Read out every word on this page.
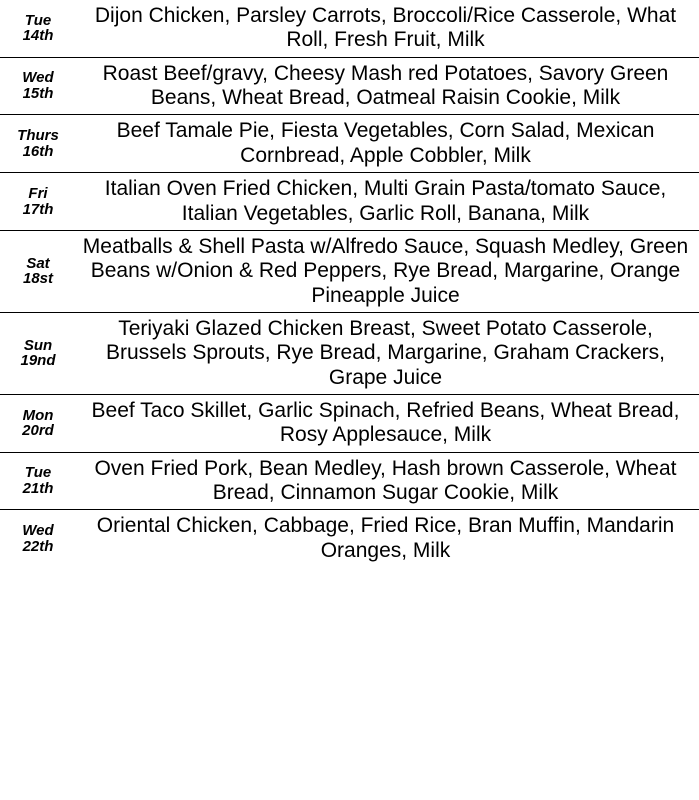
Tue
14th	Dijon Chicken, Parsley Carrots, Broccoli/Rice Casserole, What Roll, Fresh Fruit, Milk

Wed
15th	Roast Beef/gravy, Cheesy Mash red Potatoes, Savory Green Beans, Wheat Bread, Oatmeal Raisin Cookie, Milk

Thurs
16th	Beef Tamale Pie, Fiesta Vegetables, Corn Salad, Mexican Cornbread, Apple Cobbler, Milk

Fri
17th	Italian Oven Fried Chicken, Multi Grain Pasta/tomato Sauce, Italian Vegetables, Garlic Roll, Banana, Milk

Sat
18st	Meatballs & Shell Pasta w/Alfredo Sauce, Squash Medley, Green Beans w/Onion & Red Peppers, Rye Bread, Margarine, Orange Pineapple Juice

Sun
19nd	Teriyaki Glazed Chicken Breast, Sweet Potato Casserole, Brussels Sprouts, Rye Bread, Margarine, Graham Crackers, Grape Juice

Mon
20rd	Beef Taco Skillet, Garlic Spinach, Refried Beans, Wheat Bread, Rosy Applesauce, Milk

Tue
21th	Oven Fried Pork, Bean Medley, Hash brown Casserole, Wheat Bread, Cinnamon Sugar Cookie, Milk

Wed
22th	Oriental Chicken, Cabbage, Fried Rice, Bran Muffin, Mandarin Oranges, Milk
